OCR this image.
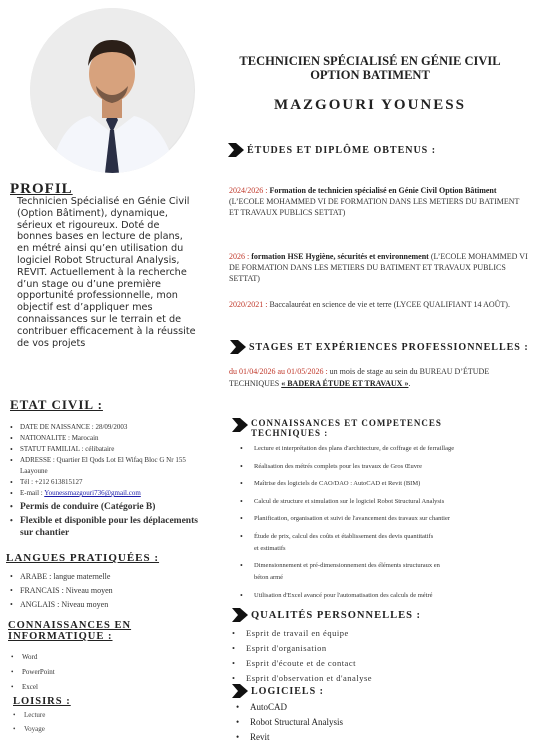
PROFIL
Technicien Spécialisé en Génie Civil (Option Bâtiment), dynamique, sérieux et rigoureux. Doté de bonnes bases en lecture de plans, en métré ainsi qu’en utilisation du logiciel Robot Structural Analysis, REVIT. Actuellement à la recherche d’un stage ou d’une première opportunité professionnelle, mon objectif est d’appliquer mes connaissances sur le terrain et de contribuer efficacement à la réussite de vos projets
ETAT CIVIL :
• DATE DE NAISSANCE : 28/09/2003
• NATIONALITE : Marocain
• STATUT FAMILIAL : célibataire
• ADRESSE : Quartier El Qods Lot El Wifaq Bloc G Nr 155 Laayoune
• Tél : +212 613815127
• E-mail : Younessmazgouri736@gmail.com
• Permis de conduire (Catégorie B)
• Flexible et disponible pour les déplacements sur chantier
LANGUES PRATIQUÉES :
• ARABE : langue maternelle
• FRANCAIS : Niveau moyen
• ANGLAIS : Niveau moyen
CONNAISSANCES EN
INFORMATIQUE :
• Word
• PowerPoint
• Excel
LOISIRS :
• Lecture
• Voyage
TECHNICIEN SPÉCIALISÉ EN GÉNIE CIVIL
OPTION BATIMENT
MAZGOURI YOUNESS
ÉTUDES ET DIPLÔME OBTENUS :
2024/2026 : Formation de technicien spécialisé en Génie Civil Option Bâtiment (L’ECOLE MOHAMMED VI DE FORMATION DANS LES METIERS DU BATIMENT ET TRAVAUX PUBLICS SETTAT)
2026 : formation HSE Hygiène, sécurités et environnement (L’ECOLE MOHAMMED VI DE FORMATION DANS LES METIERS DU BATIMENT ET TRAVAUX PUBLICS SETTAT)
2020/2021 : Baccalauréat en science de vie et terre (LYCEE QUALIFIANT 14 AOÛT).
STAGES ET EXPÉRIENCES PROFESSIONNELLES :
du 01/04/2026 au 01/05/2026 : un mois de stage au sein du BUREAU D’ÉTUDE TECHNIQUES « BADERA ÉTUDE ET TRAVAUX ».
CONNAISSANCES ET COMPETENCES
TECHNIQUES :
• Lecture et interprétation des plans d'architecture, de coffrage et de ferraillage
• Réalisation des métrés complets pour les travaux de Gros Œuvre
• Maîtrise des logiciels de CAO/DAO : AutoCAD et Revit (BIM)
• Calcul de structure et simulation sur le logiciel Robot Structural Analysis
• Planification, organisation et suivi de l'avancement des travaux sur chantier
• Étude de prix, calcul des coûts et établissement des devis quantitatifs
et estimatifs
• Dimensionnement et pré-dimensionnement des éléments structuraux en
béton armé
• Utilisation d'Excel avancé pour l'automatisation des calculs de métré
QUALITÉS PERSONNELLES :
• Esprit de travail en équipe
• Esprit d'organisation
• Esprit d'écoute et de contact
• Esprit d'observation et d'analyse
LOGICIELS :
• AutoCAD
• Robot Structural Analysis
• Revit
